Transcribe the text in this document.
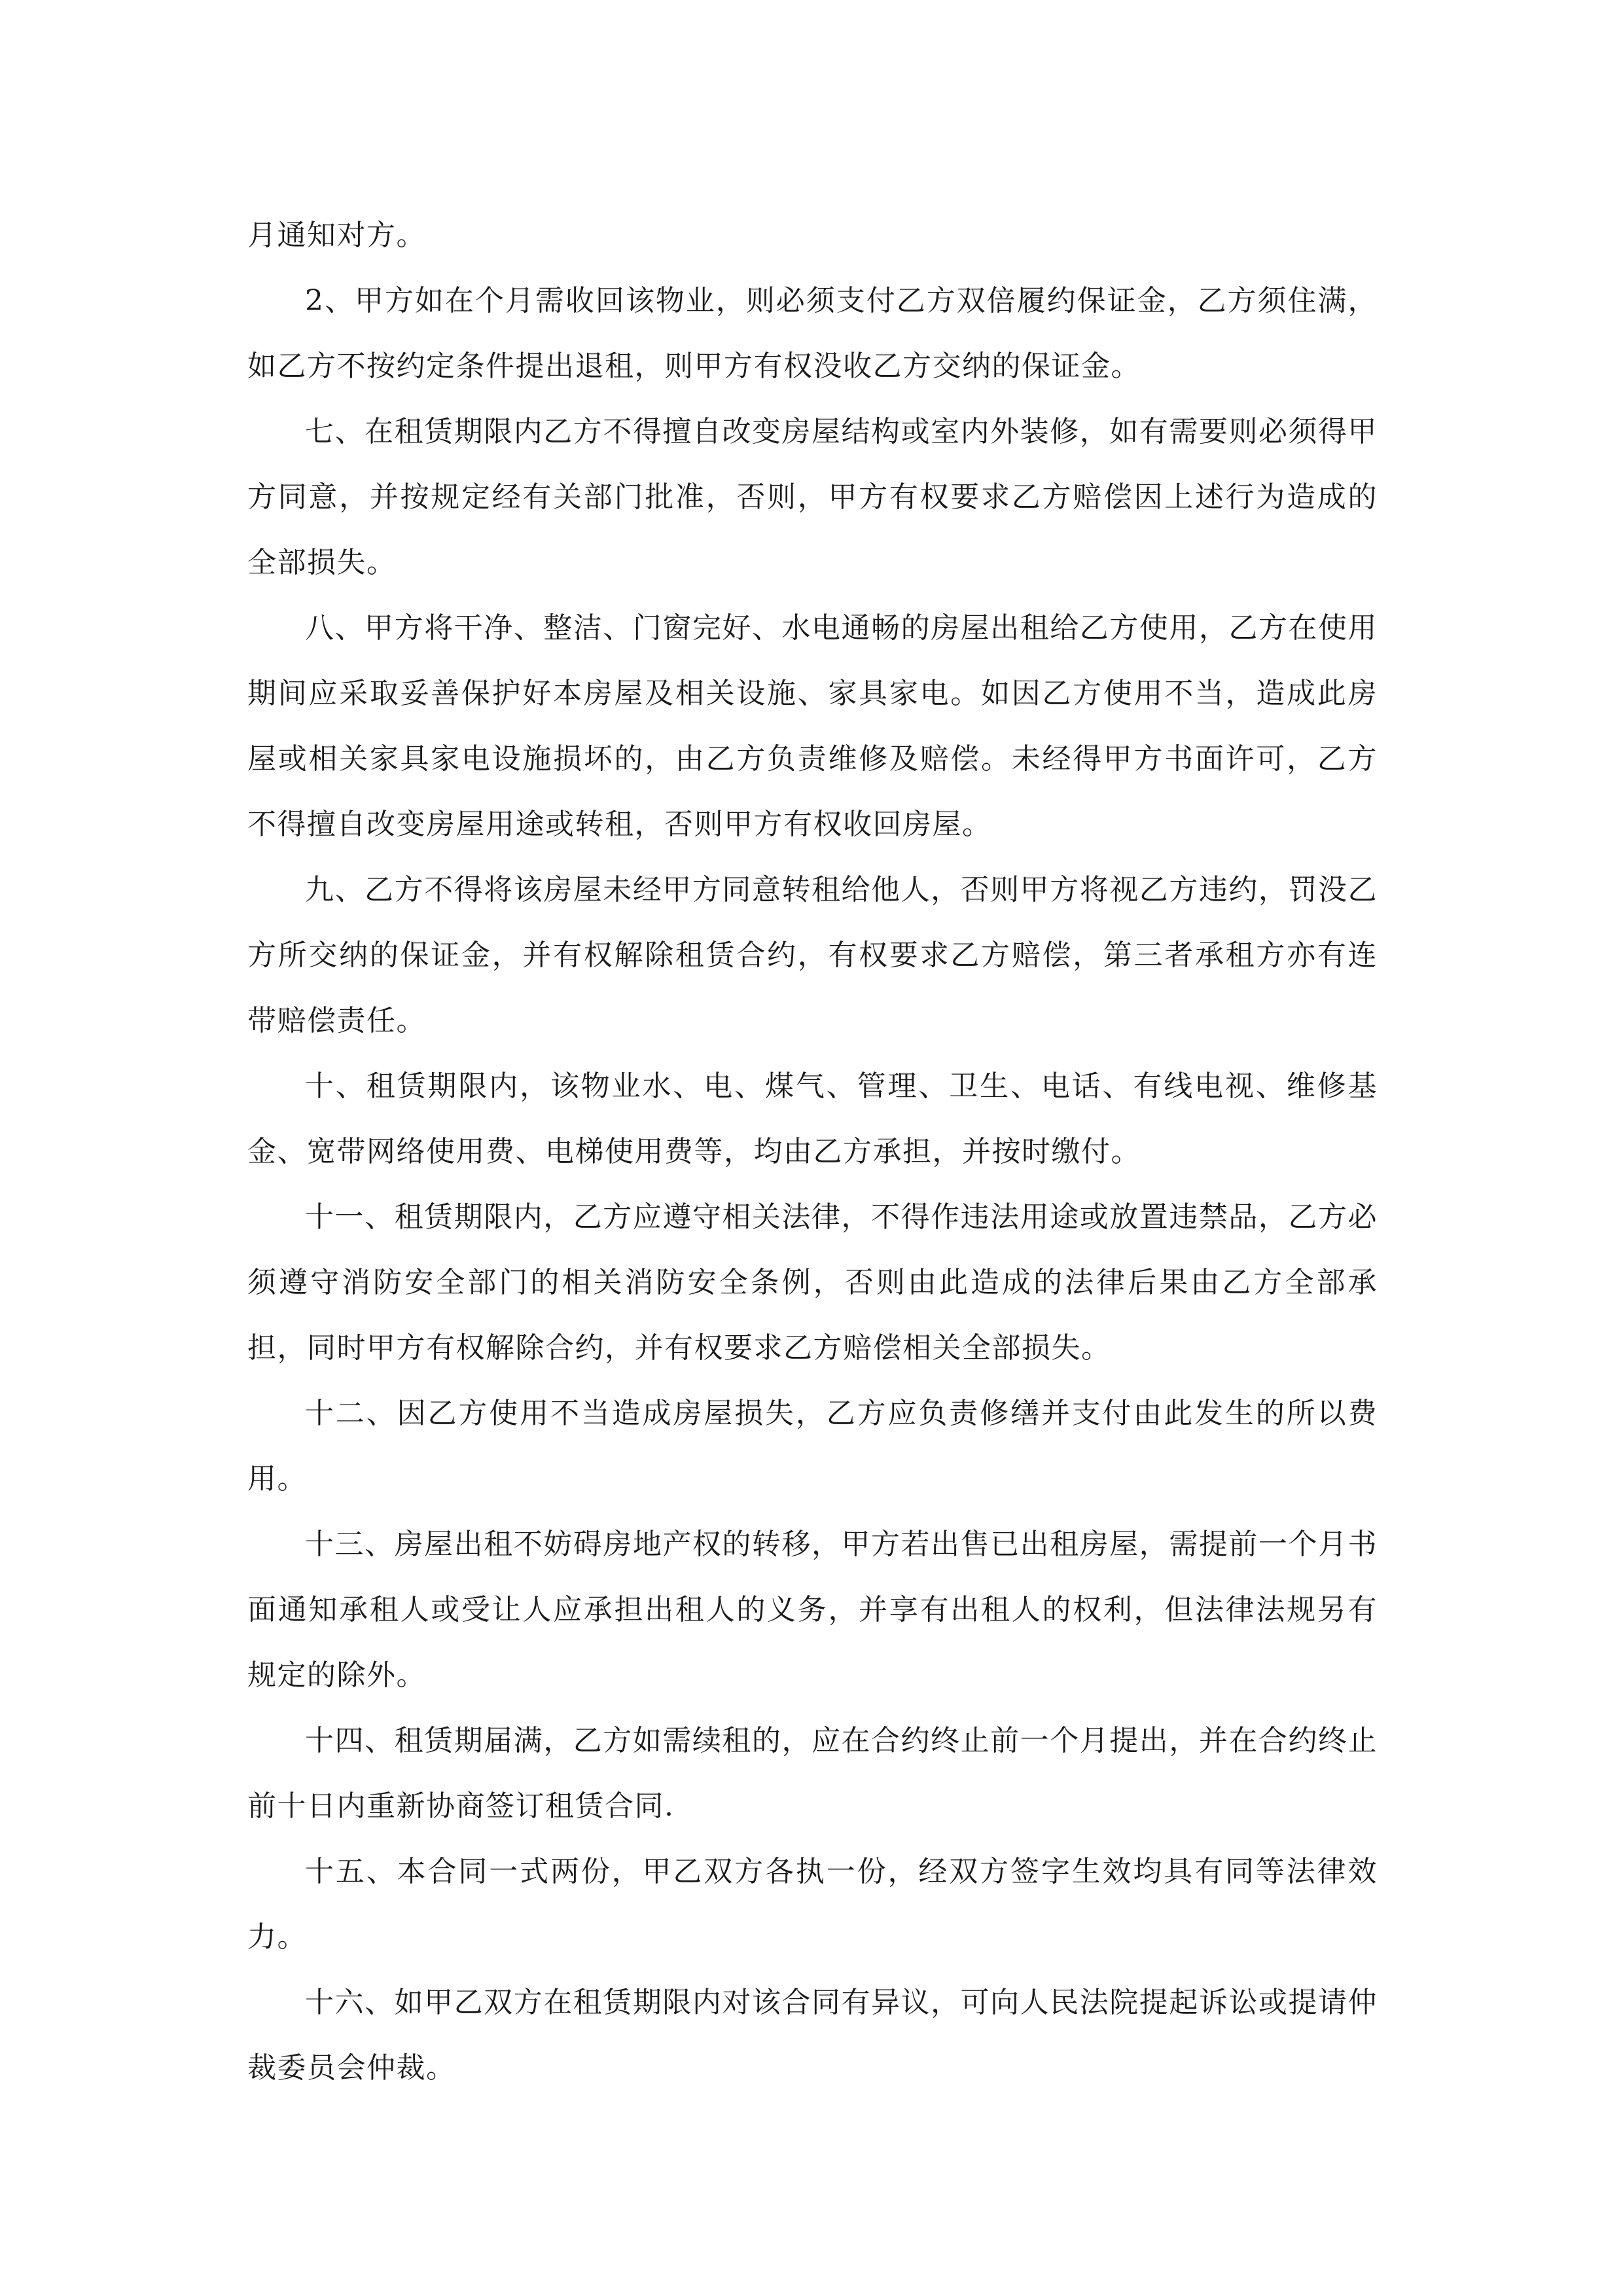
月通知对方。

2、甲方如在个月需收回该物业，则必须支付乙方双倍履约保证金，乙方须住满，如乙方不按约定条件提出退租，则甲方有权没收乙方交纳的保证金。

七、在租赁期限内乙方不得擅自改变房屋结构或室内外装修，如有需要则必须得甲方同意，并按规定经有关部门批准，否则，甲方有权要求乙方赔偿因上述行为造成的全部损失。

八、甲方将干净、整洁、门窗完好、水电通畅的房屋出租给乙方使用，乙方在使用期间应采取妥善保护好本房屋及相关设施、家具家电。如因乙方使用不当，造成此房屋或相关家具家电设施损坏的，由乙方负责维修及赔偿。未经得甲方书面许可，乙方不得擅自改变房屋用途或转租，否则甲方有权收回房屋。

九、乙方不得将该房屋未经甲方同意转租给他人，否则甲方将视乙方违约，罚没乙方所交纳的保证金，并有权解除租赁合约，有权要求乙方赔偿，第三者承租方亦有连带赔偿责任。

十、租赁期限内，该物业水、电、煤气、管理、卫生、电话、有线电视、维修基金、宽带网络使用费、电梯使用费等，均由乙方承担，并按时缴付。

十一、租赁期限内，乙方应遵守相关法律，不得作违法用途或放置违禁品，乙方必须遵守消防安全部门的相关消防安全条例，否则由此造成的法律后果由乙方全部承担，同时甲方有权解除合约，并有权要求乙方赔偿相关全部损失。

十二、因乙方使用不当造成房屋损失，乙方应负责修缮并支付由此发生的所以费用。

十三、房屋出租不妨碍房地产权的转移，甲方若出售已出租房屋，需提前一个月书面通知承租人或受让人应承担出租人的义务，并享有出租人的权利，但法律法规另有规定的除外。

十四、租赁期届满，乙方如需续租的，应在合约终止前一个月提出，并在合约终止前十日内重新协商签订租赁合同.

十五、本合同一式两份，甲乙双方各执一份，经双方签字生效均具有同等法律效力。

十六、如甲乙双方在租赁期限内对该合同有异议，可向人民法院提起诉讼或提请仲裁委员会仲裁。
